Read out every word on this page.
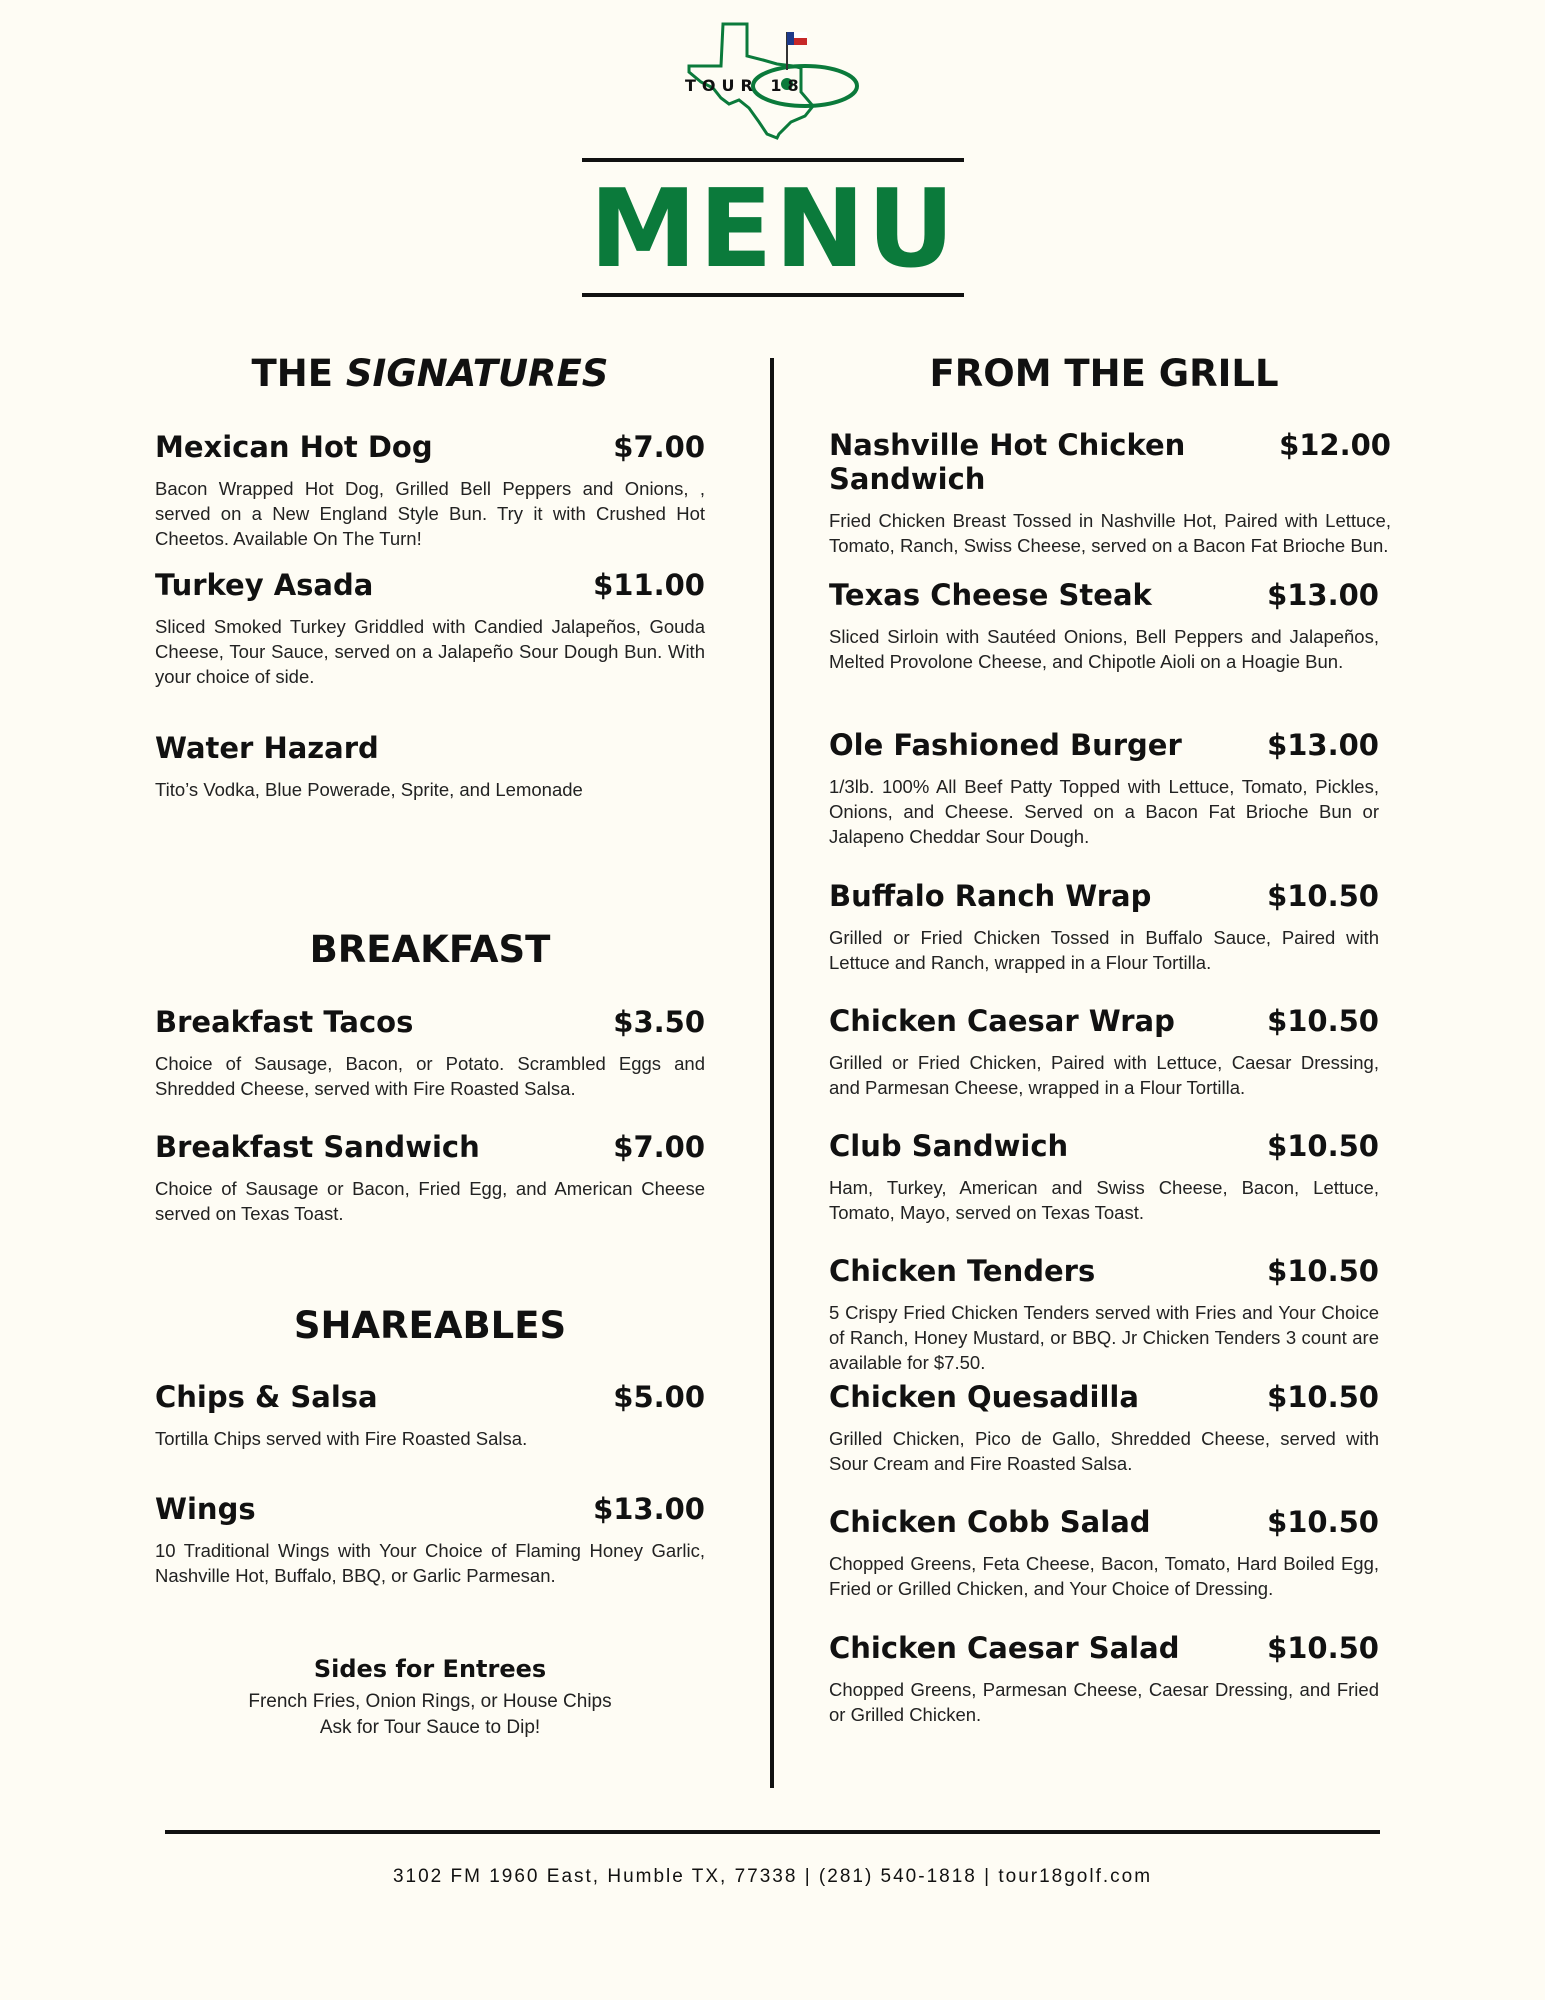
TOUR 18
MENU
THE SIGNATURES
Mexican Hot Dog	$7.00
Bacon Wrapped Hot Dog, Grilled Bell Peppers and Onions, , served on a New England Style Bun. Try it with Crushed Hot Cheetos. Available On The Turn!
Turkey Asada	$11.00
Sliced Smoked Turkey Griddled with Candied Jalapeños, Gouda Cheese, Tour Sauce, served on a Jalapeño Sour Dough Bun. With your choice of side.
Water Hazard
Tito’s Vodka, Blue Powerade, Sprite, and Lemonade
BREAKFAST
Breakfast Tacos	$3.50
Choice of Sausage, Bacon, or Potato. Scrambled Eggs and Shredded Cheese, served with Fire Roasted Salsa.
Breakfast Sandwich	$7.00
Choice of Sausage or Bacon, Fried Egg, and American Cheese served on Texas Toast.
SHAREABLES
Chips & Salsa	$5.00
Tortilla Chips served with Fire Roasted Salsa.
Wings	$13.00
10 Traditional Wings with Your Choice of Flaming Honey Garlic, Nashville Hot, Buffalo, BBQ, or Garlic Parmesan.
Sides for Entrees
French Fries, Onion Rings, or House Chips
Ask for Tour Sauce to Dip!
FROM THE GRILL
Nashville Hot Chicken Sandwich
$12.00
Fried Chicken Breast Tossed in Nashville Hot, Paired with Lettuce, Tomato, Ranch, Swiss Cheese, served on a Bacon Fat Brioche Bun.
Texas Cheese Steak	$13.00
Sliced Sirloin with Sautéed Onions, Bell Peppers and Jalapeños, Melted Provolone Cheese, and Chipotle Aioli on a Hoagie Bun.
Ole Fashioned Burger	$13.00
1/3lb. 100% All Beef Patty Topped with Lettuce, Tomato, Pickles, Onions, and Cheese. Served on a Bacon Fat Brioche Bun or Jalapeno Cheddar Sour Dough.
Buffalo Ranch Wrap	$10.50
Grilled or Fried Chicken Tossed in Buffalo Sauce, Paired with Lettuce and Ranch, wrapped in a Flour Tortilla.
Chicken Caesar Wrap	$10.50
Grilled or Fried Chicken, Paired with Lettuce, Caesar Dressing, and Parmesan Cheese, wrapped in a Flour Tortilla.
Club Sandwich	$10.50
Ham, Turkey, American and Swiss Cheese, Bacon, Lettuce, Tomato, Mayo, served on Texas Toast.
Chicken Tenders	$10.50
5 Crispy Fried Chicken Tenders served with Fries and Your Choice of Ranch, Honey Mustard, or BBQ. Jr Chicken Tenders 3 count are available for $7.50.
Chicken Quesadilla	$10.50
Grilled Chicken, Pico de Gallo, Shredded Cheese, served with Sour Cream and Fire Roasted Salsa.
Chicken Cobb Salad	$10.50
Chopped Greens, Feta Cheese, Bacon, Tomato, Hard Boiled Egg, Fried or Grilled Chicken, and Your Choice of Dressing.
Chicken Caesar Salad	$10.50
Chopped Greens, Parmesan Cheese, Caesar Dressing, and Fried or Grilled Chicken.
3102 FM 1960 East, Humble TX, 77338 | (281) 540-1818 | tour18golf.com
